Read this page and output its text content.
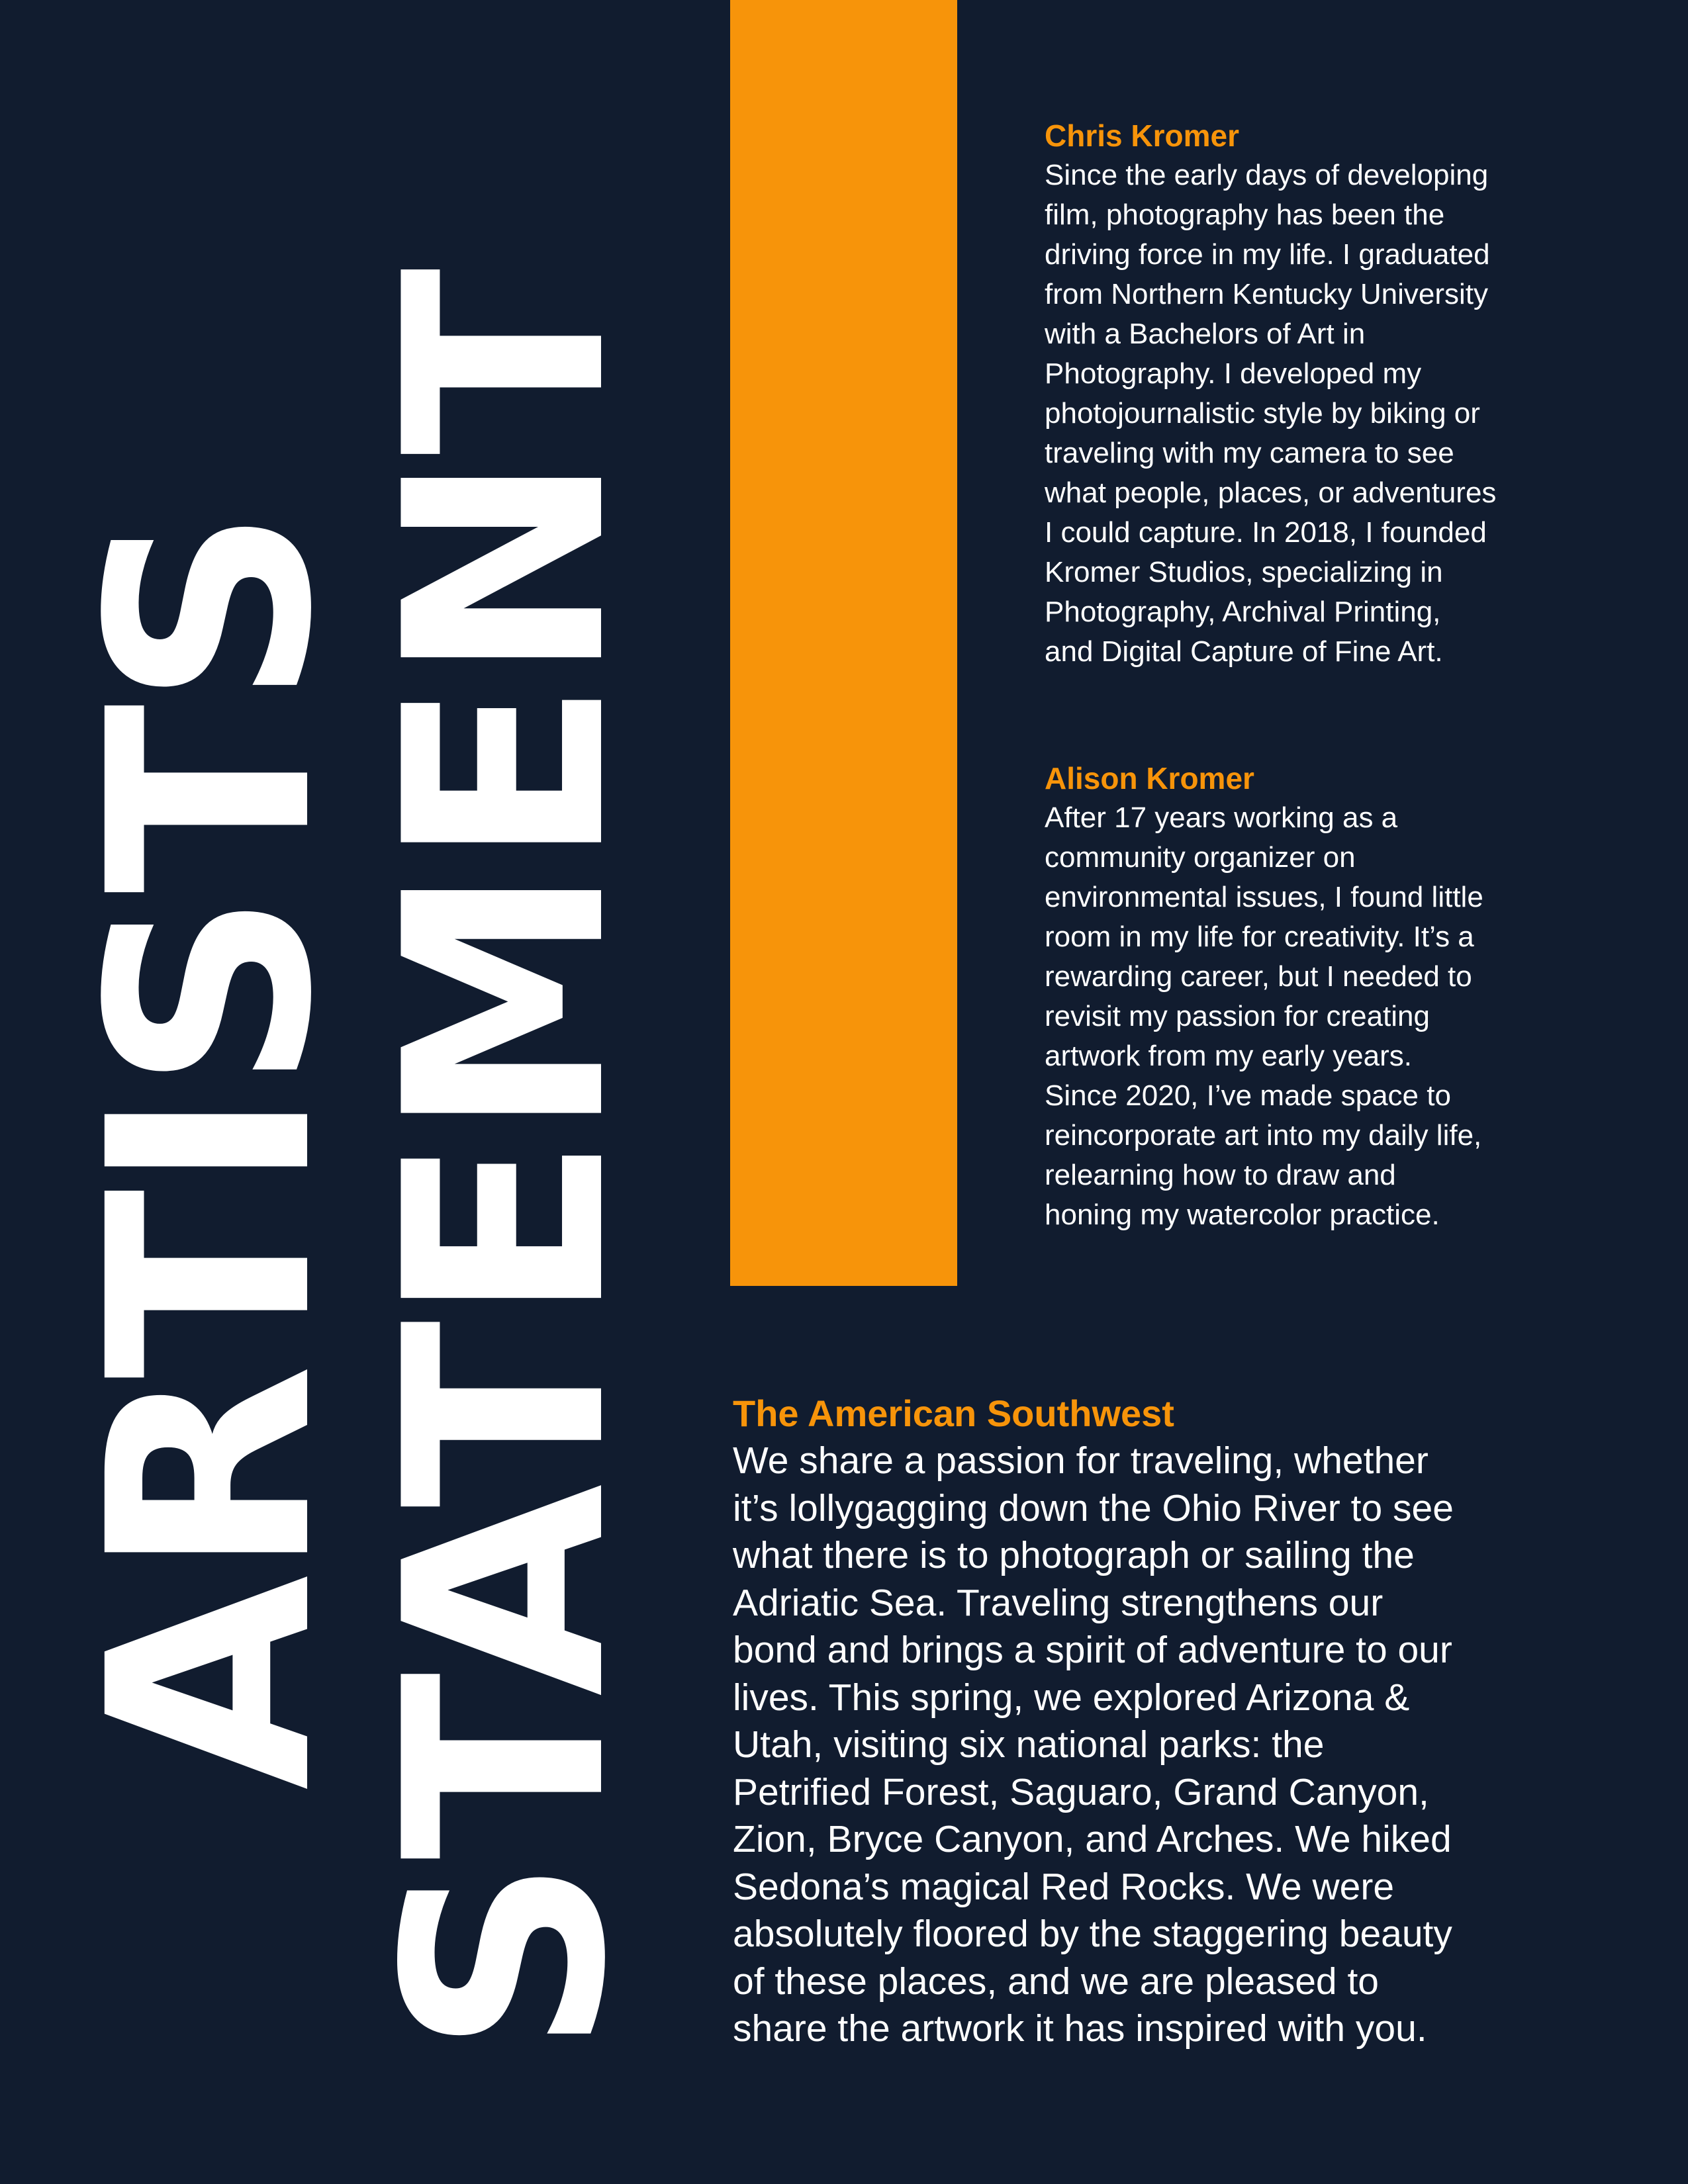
ARTISTS
STATEMENT
Chris Kromer
Since the early days of developing
film, photography has been the
driving force in my life. I graduated
from Northern Kentucky University
with a Bachelors of Art in
Photography. I developed my
photojournalistic style by biking or
traveling with my camera to see
what people, places, or adventures
I could capture. In 2018, I founded
Kromer Studios, specializing in
Photography, Archival Printing,
and Digital Capture of Fine Art.
Alison Kromer
After 17 years working as a
community organizer on
environmental issues, I found little
room in my life for creativity. It’s a
rewarding career, but I needed to
revisit my passion for creating
artwork from my early years.
Since 2020, I’ve made space to
reincorporate art into my daily life,
relearning how to draw and
honing my watercolor practice.
The American Southwest
We share a passion for traveling, whether
it’s lollygagging down the Ohio River to see
what there is to photograph or sailing the
Adriatic Sea. Traveling strengthens our
bond and brings a spirit of adventure to our
lives. This spring, we explored Arizona &
Utah, visiting six national parks: the
Petrified Forest, Saguaro, Grand Canyon,
Zion, Bryce Canyon, and Arches. We hiked
Sedona’s magical Red Rocks. We were
absolutely floored by the staggering beauty
of these places, and we are pleased to
share the artwork it has inspired with you.
